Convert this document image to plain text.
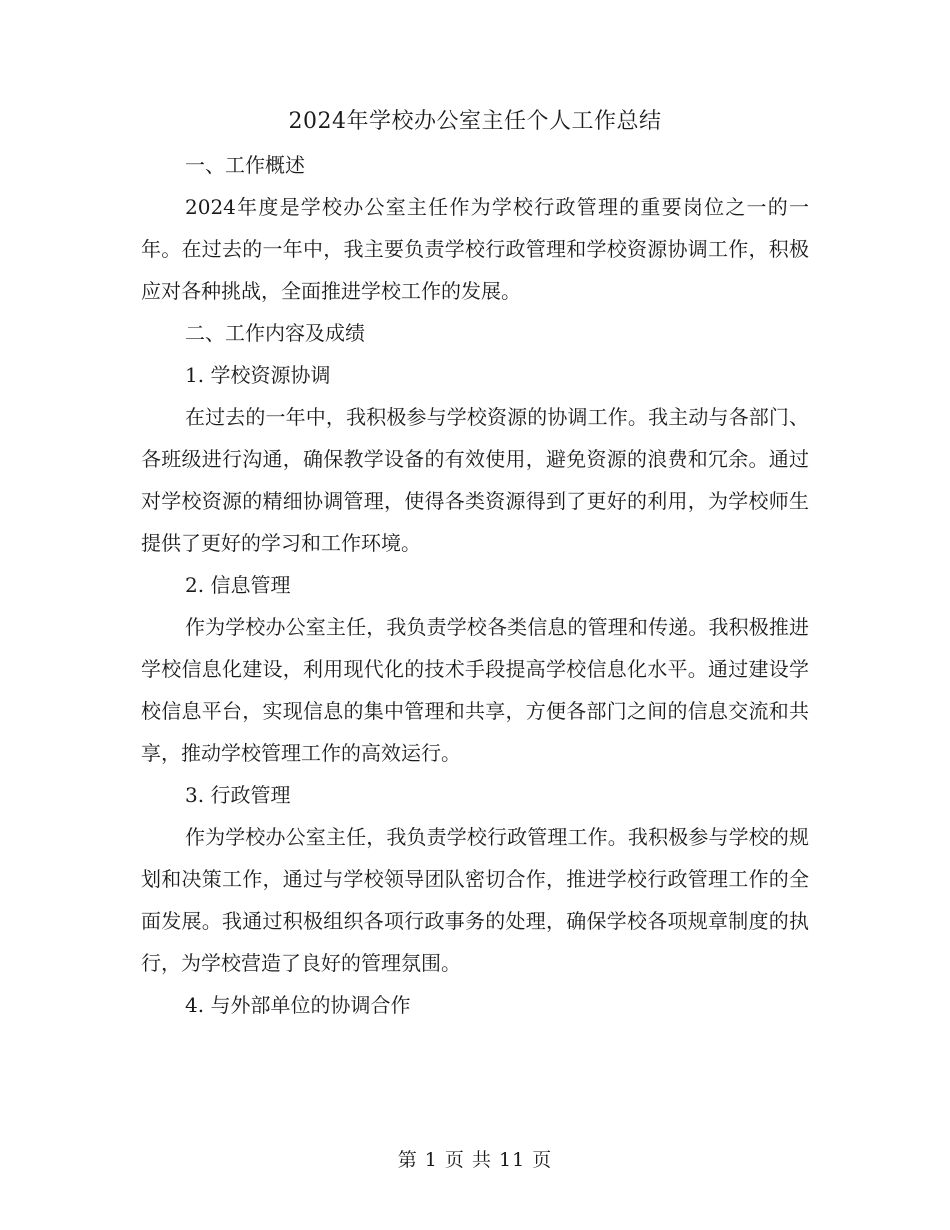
2024年学校办公室主任个人工作总结

一、工作概述

2024年度是学校办公室主任作为学校行政管理的重要岗位之一的一年。在过去的一年中，我主要负责学校行政管理和学校资源协调工作，积极应对各种挑战，全面推进学校工作的发展。

二、工作内容及成绩

1. 学校资源协调

在过去的一年中，我积极参与学校资源的协调工作。我主动与各部门、各班级进行沟通，确保教学设备的有效使用，避免资源的浪费和冗余。通过对学校资源的精细协调管理，使得各类资源得到了更好的利用，为学校师生提供了更好的学习和工作环境。

2. 信息管理

作为学校办公室主任，我负责学校各类信息的管理和传递。我积极推进学校信息化建设，利用现代化的技术手段提高学校信息化水平。通过建设学校信息平台，实现信息的集中管理和共享，方便各部门之间的信息交流和共享，推动学校管理工作的高效运行。

3. 行政管理

作为学校办公室主任，我负责学校行政管理工作。我积极参与学校的规划和决策工作，通过与学校领导团队密切合作，推进学校行政管理工作的全面发展。我通过积极组织各项行政事务的处理，确保学校各项规章制度的执行，为学校营造了良好的管理氛围。

4. 与外部单位的协调合作

第 1 页 共 11 页
